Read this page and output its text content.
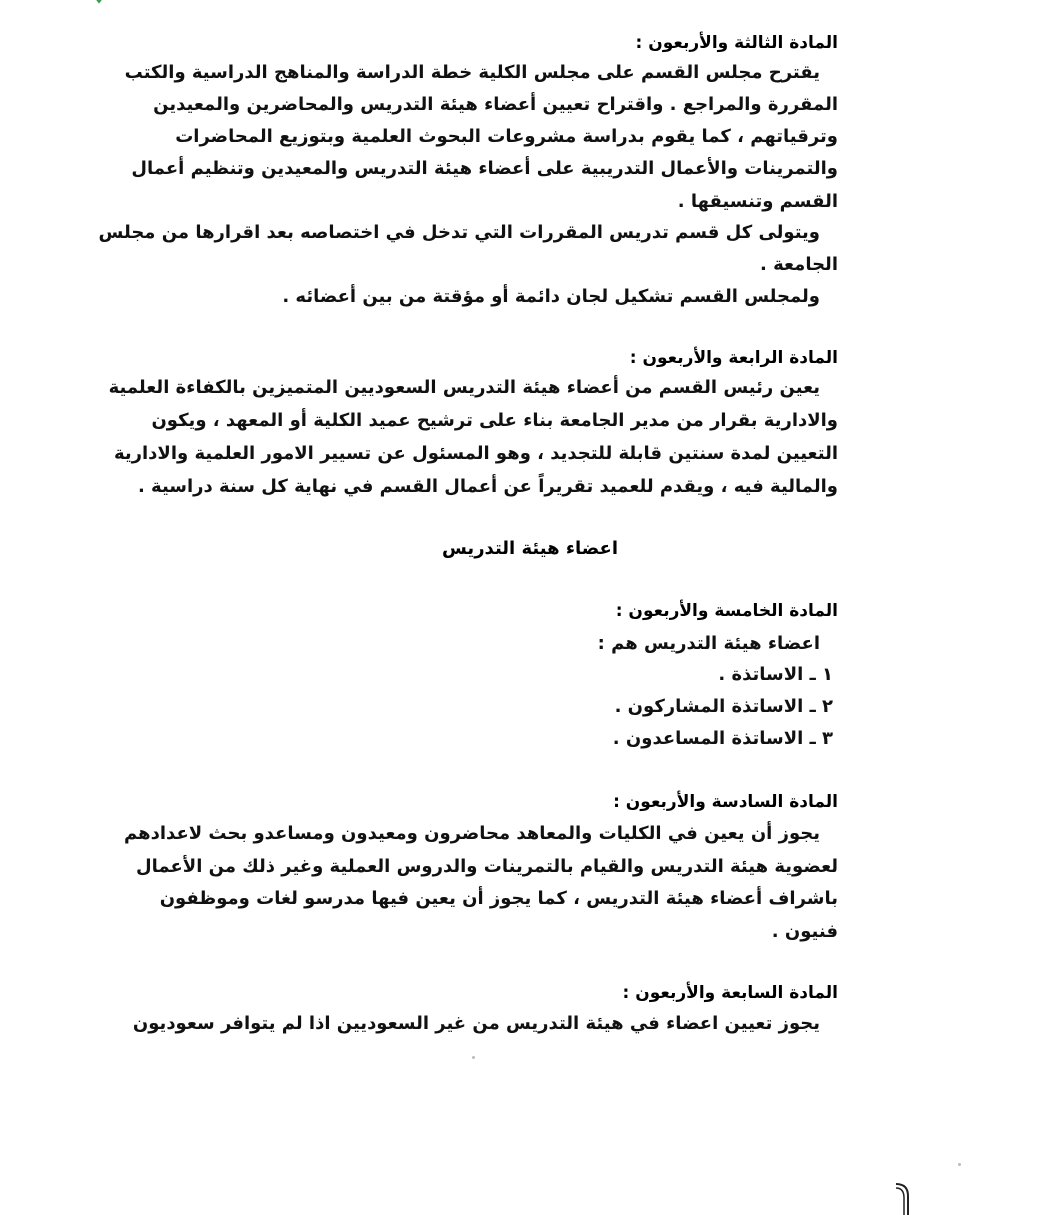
المادة الثالثة والأربعون :
يقترح مجلس القسم على مجلس الكلية خطة الدراسة والمناهج الدراسية والكتب
المقررة والمراجع . واقتراح تعيين أعضاء هيئة التدريس والمحاضرين والمعيدين
وترقياتهم ، كما يقوم بدراسة مشروعات البحوث العلمية وبتوزيع المحاضرات
والتمرينات والأعمال التدريبية على أعضاء هيئة التدريس والمعيدين وتنظيم أعمال
القسم وتنسيقها .
ويتولى كل قسم تدريس المقررات التي تدخل في اختصاصه بعد اقرارها من مجلس
الجامعة .
ولمجلس القسم تشكيل لجان دائمة أو مؤقتة من بين أعضائه .
المادة الرابعة والأربعون :
يعين رئيس القسم من أعضاء هيئة التدريس السعوديين المتميزين بالكفاءة العلمية
والادارية بقرار من مدير الجامعة بناء على ترشيح عميد الكلية أو المعهد ، ويكون
التعيين لمدة سنتين قابلة للتجديد ، وهو المسئول عن تسيير الامور العلمية والادارية
والمالية فيه ، ويقدم للعميد تقريراً عن أعمال القسم في نهاية كل سنة دراسية .
اعضاء هيئة التدريس
المادة الخامسة والأربعون :
اعضاء هيئة التدريس هم :
١ ـ الاساتذة .
٢ ـ الاساتذة المشاركون .
٣ ـ الاساتذة المساعدون .
المادة السادسة والأربعون :
يجوز أن يعين في الكليات والمعاهد محاضرون ومعيدون ومساعدو بحث لاعدادهم
لعضوية هيئة التدريس والقيام بالتمرينات والدروس العملية وغير ذلك من الأعمال
باشراف أعضاء هيئة التدريس ، كما يجوز أن يعين فيها مدرسو لغات وموظفون
فنيون .
المادة السابعة والأربعون :
يجوز تعيين اعضاء في هيئة التدريس من غير السعوديين اذا لم يتوافر سعوديون
